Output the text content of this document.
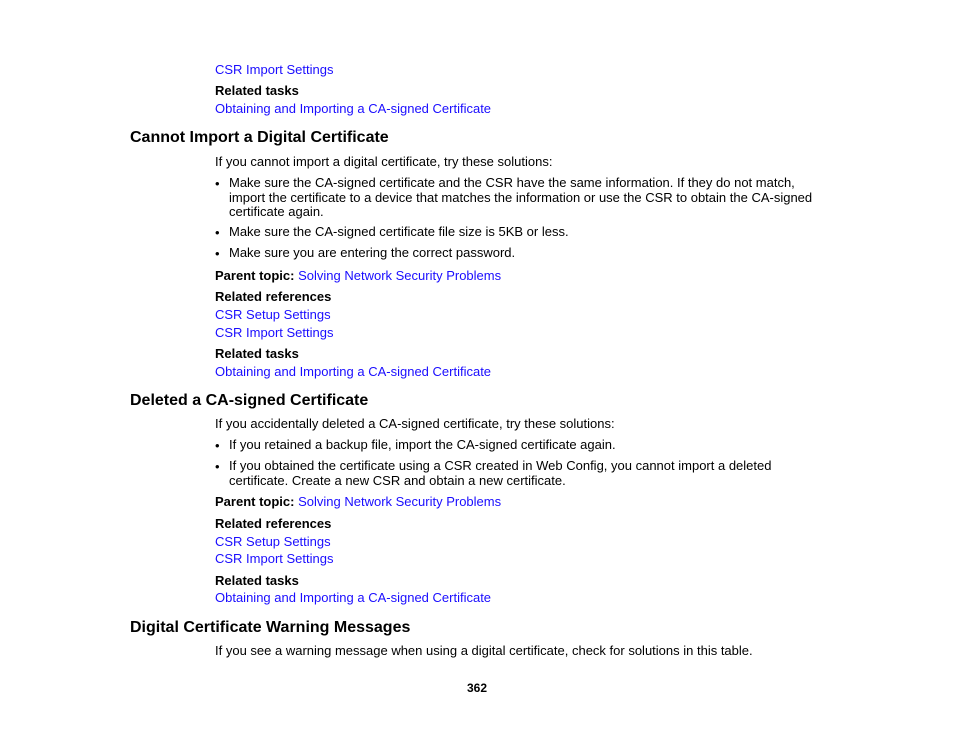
CSR Import Settings
Related tasks
Obtaining and Importing a CA-signed Certificate
Cannot Import a Digital Certificate
If you cannot import a digital certificate, try these solutions:
• Make sure the CA-signed certificate and the CSR have the same information. If they do not match, import the certificate to a device that matches the information or use the CSR to obtain the CA-signed certificate again.
• Make sure the CA-signed certificate file size is 5KB or less.
• Make sure you are entering the correct password.
Parent topic: Solving Network Security Problems
Related references
CSR Setup Settings
CSR Import Settings
Related tasks
Obtaining and Importing a CA-signed Certificate
Deleted a CA-signed Certificate
If you accidentally deleted a CA-signed certificate, try these solutions:
• If you retained a backup file, import the CA-signed certificate again.
• If you obtained the certificate using a CSR created in Web Config, you cannot import a deleted certificate. Create a new CSR and obtain a new certificate.
Parent topic: Solving Network Security Problems
Related references
CSR Setup Settings
CSR Import Settings
Related tasks
Obtaining and Importing a CA-signed Certificate
Digital Certificate Warning Messages
If you see a warning message when using a digital certificate, check for solutions in this table.
362
